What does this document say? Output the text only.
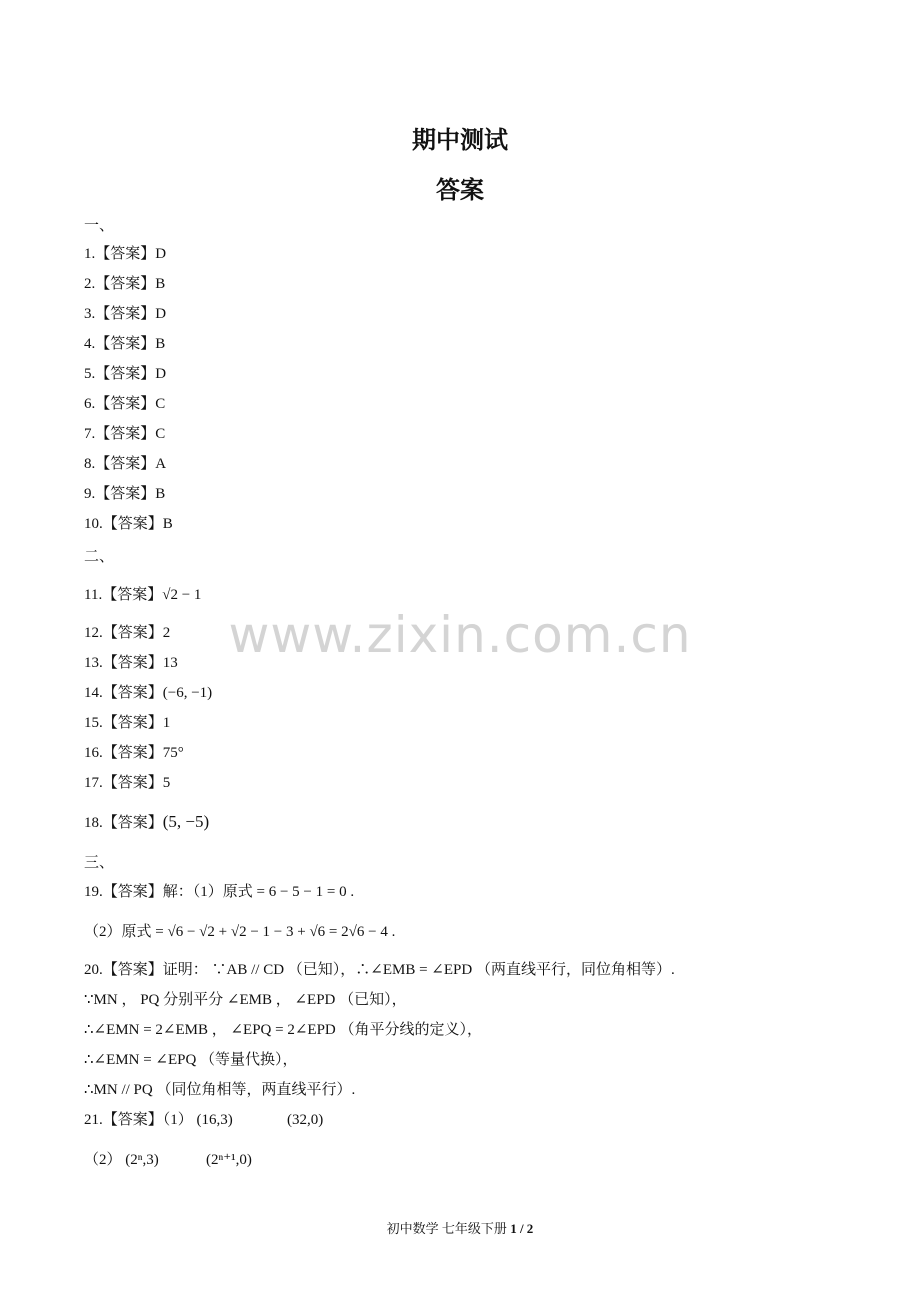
期中测试
答案
www.zixin.com.cn
一、
1.【答案】D
2.【答案】B
3.【答案】D
4.【答案】B
5.【答案】D
6.【答案】C
7.【答案】C
8.【答案】A
9.【答案】B
10.【答案】B
二、
11.【答案】√2 − 1
12.【答案】2
13.【答案】13
14.【答案】(−6, −1)
15.【答案】1
16.【答案】75°
17.【答案】5
18.【答案】(5, −5)
三、
19.【答案】解：（1）原式 = 6 − 5 − 1 = 0 .
（2）原式 = √6 − √2 + √2 − 1 − 3 + √6 = 2√6 − 4 .
20.【答案】证明： ∵AB // CD （已知），∴∠EMB = ∠EPD （两直线平行，同位角相等）.
∵MN ， PQ 分别平分 ∠EMB ， ∠EPD （已知），
∴∠EMN = 2∠EMB ， ∠EPQ = 2∠EPD （角平分线的定义），
∴∠EMN = ∠EPQ （等量代换），
∴MN // PQ （同位角相等，两直线平行）.
21.【答案】（1） (16,3)	(32,0)
（2） (2ⁿ,3)	(2ⁿ⁺¹,0)
初中数学 七年级下册 1 / 2
